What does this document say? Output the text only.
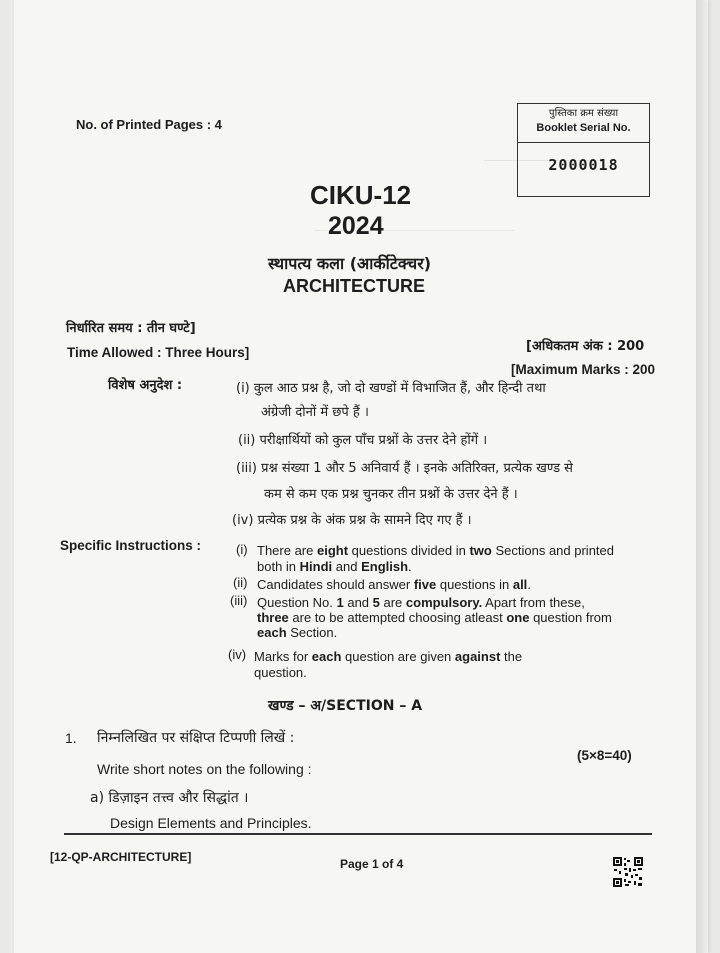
No. of Printed Pages : 4
पुस्तिका क्रम संख्या
Booklet Serial No.
2000018
CIKU-12
2024
स्थापत्य कला (आर्कीटेक्चर)
ARCHITECTURE
निर्धारित समय : तीन घण्टे]
Time Allowed : Three Hours]	[अधिकतम अंक : 200
[Maximum Marks : 200
विशेष अनुदेश :	(i) कुल आठ प्रश्न है, जो दो खण्डों में विभाजित हैं, और हिन्दी तथा
अंग्रेजी दोनों में छपे हैं ।
(ii) परीक्षार्थियों को कुल पाँच प्रश्नों के उत्तर देने होंगें ।
(iii) प्रश्न संख्या 1 और 5 अनिवार्य हैं । इनके अतिरिक्त, प्रत्येक खण्ड से
कम से कम एक प्रश्न चुनकर तीन प्रश्नों के उत्तर देने हैं ।
(iv) प्रत्येक प्रश्न के अंक प्रश्न के सामने दिए गए हैं ।
Specific Instructions :	(i) There are eight questions divided in two Sections and printed
both in Hindi and English.
(ii) Candidates should answer five questions in all.
(iii) Question No. 1 and 5 are compulsory. Apart from these,
three are to be attempted choosing atleast one question from
each Section.
(iv) Marks for each question are given against the
question.
खण्ड – अ/SECTION – A
1. निम्नलिखित पर संक्षिप्त टिप्पणी लिखें :
Write short notes on the following :
(5×8=40)
a) डिज़ाइन तत्त्व और सिद्धांत ।
Design Elements and Principles.
[12-QP-ARCHITECTURE]	Page 1 of 4
